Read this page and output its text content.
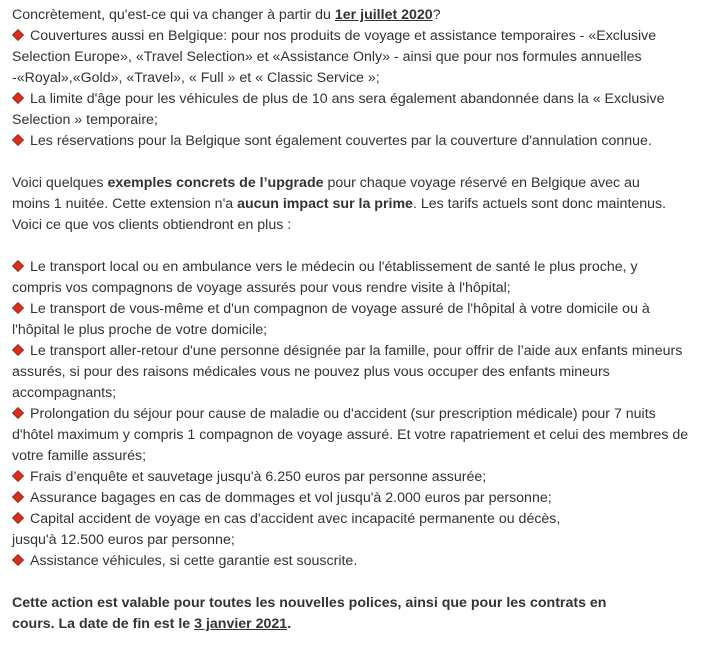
Concrètement, qu'est-ce qui va changer à partir du 1er juillet 2020?
Couvertures aussi en Belgique: pour nos produits de voyage et assistance temporaires - «Exclusive
Selection Europe», «Travel Selection» et «Assistance Only» - ainsi que pour nos formules annuelles
-«Royal»,«Gold», «Travel», « Full » et « Classic Service »;
La limite d'âge pour les véhicules de plus de 10 ans sera également abandonnée dans la « Exclusive
Selection » temporaire;
Les réservations pour la Belgique sont également couvertes par la couverture d'annulation connue.
Voici quelques exemples concrets de l’upgrade pour chaque voyage réservé en Belgique avec au
moins 1 nuitée. Cette extension n'a aucun impact sur la prime. Les tarifs actuels sont donc maintenus.
Voici ce que vos clients obtiendront en plus :
Le transport local ou en ambulance vers le médecin ou l'établissement de santé le plus proche, y
compris vos compagnons de voyage assurés pour vous rendre visite à l'hôpital;
Le transport de vous-même et d'un compagnon de voyage assuré de l'hôpital à votre domicile ou à
l'hôpital le plus proche de votre domicile;
Le transport aller-retour d'une personne désignée par la famille, pour offrir de l’aide aux enfants mineurs
assurés, si pour des raisons médicales vous ne pouvez plus vous occuper des enfants mineurs
accompagnants;
Prolongation du séjour pour cause de maladie ou d'accident (sur prescription médicale) pour 7 nuits
d'hôtel maximum y compris 1 compagnon de voyage assuré. Et votre rapatriement et celui des membres de
votre famille assurés;
Frais d’enquête et sauvetage jusqu'à 6.250 euros par personne assurée;
Assurance bagages en cas de dommages et vol jusqu'à 2.000 euros par personne;
Capital accident de voyage en cas d'accident avec incapacité permanente ou décès,
jusqu'à 12.500 euros par personne;
Assistance véhicules, si cette garantie est souscrite.
Cette action est valable pour toutes les nouvelles polices, ainsi que pour les contrats en
cours. La date de fin est le 3 janvier 2021.
